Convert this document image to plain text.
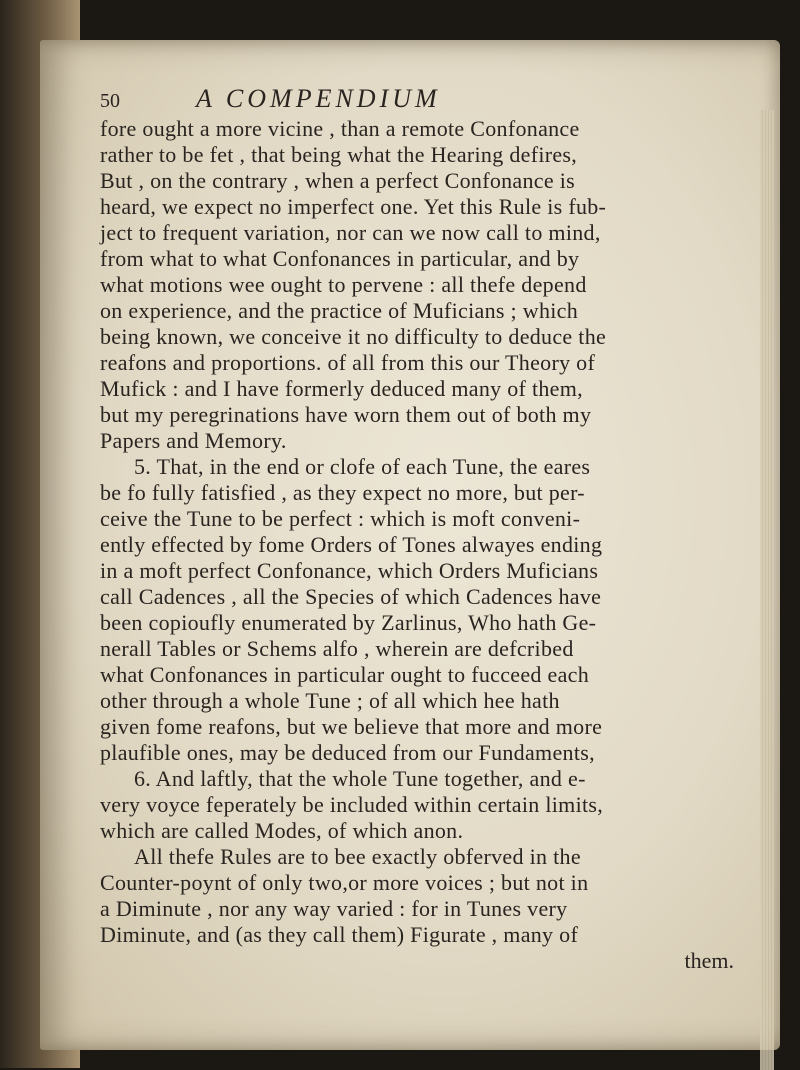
50	A COMPENDIUM
fore ought a more vicine , than a remote Confonance
rather to be fet , that being what the Hearing defires,
But , on the contrary , when a perfect Confonance is
heard, we expect no imperfect one. Yet this Rule is fub-
ject to frequent variation, nor can we now call to mind,
from what to what Confonances in particular, and by
what motions wee ought to pervene : all thefe depend
on experience, and the practice of Muficians ; which
being known, we conceive it no difficulty to deduce the
reafons and proportions. of all from this our Theory of
Mufick : and I have formerly deduced many of them,
but my peregrinations have worn them out of both my
Papers and Memory.
5. That, in the end or clofe of each Tune, the eares
be fo fully fatisfied , as they expect no more, but per-
ceive the Tune to be perfect : which is moft conveni-
ently effected by fome Orders of Tones alwayes ending
in a moft perfect Confonance, which Orders Muficians
call Cadences , all the Species of which Cadences have
been copioufly enumerated by Zarlinus, Who hath Ge-
nerall Tables or Schems alfo , wherein are defcribed
what Confonances in particular ought to fucceed each
other through a whole Tune ; of all which hee hath
given fome reafons, but we believe that more and more
plaufible ones, may be deduced from our Fundaments,
6. And laftly, that the whole Tune together, and e-
very voyce feperately be included within certain limits,
which are called Modes, of which anon.
All thefe Rules are to bee exactly obferved in the
Counter-poynt of only two,or more voices ; but not in
a Diminute , nor any way varied : for in Tunes very
Diminute, and (as they call them) Figurate , many of
them.
